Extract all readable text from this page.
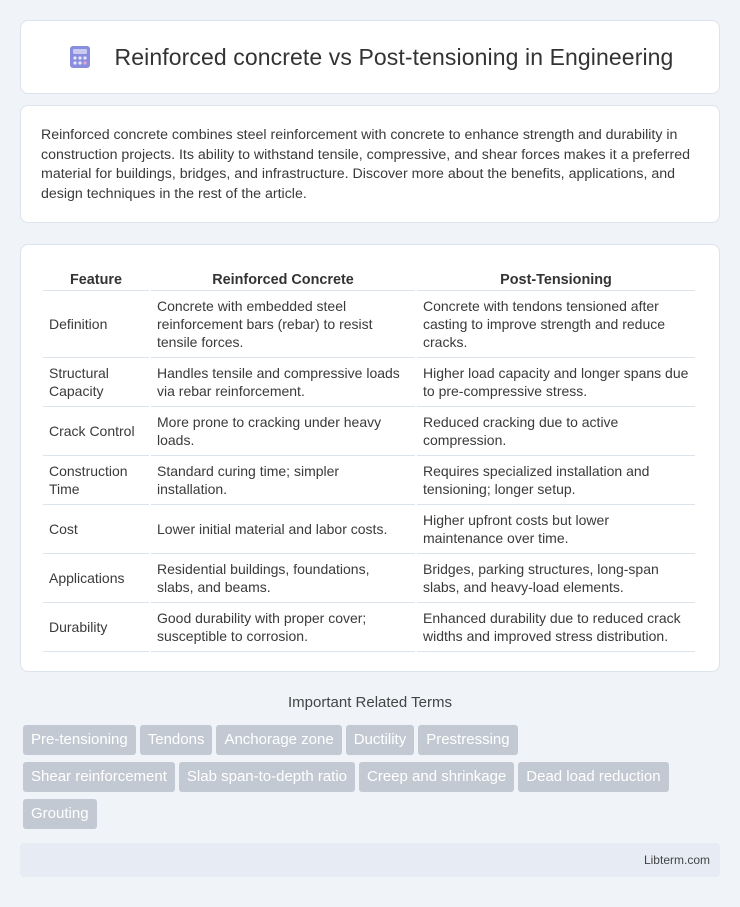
Reinforced concrete vs Post-tensioning in Engineering

Reinforced concrete combines steel reinforcement with concrete to enhance strength and durability in construction projects. Its ability to withstand tensile, compressive, and shear forces makes it a preferred material for buildings, bridges, and infrastructure. Discover more about the benefits, applications, and design techniques in the rest of the article.

Feature	Reinforced Concrete	Post-Tensioning
Definition	Concrete with embedded steel reinforcement bars (rebar) to resist tensile forces.	Concrete with tendons tensioned after casting to improve strength and reduce cracks.
Structural Capacity	Handles tensile and compressive loads via rebar reinforcement.	Higher load capacity and longer spans due to pre-compressive stress.
Crack Control	More prone to cracking under heavy loads.	Reduced cracking due to active compression.
Construction Time	Standard curing time; simpler installation.	Requires specialized installation and tensioning; longer setup.
Cost	Lower initial material and labor costs.	Higher upfront costs but lower maintenance over time.
Applications	Residential buildings, foundations, slabs, and beams.	Bridges, parking structures, long-span slabs, and heavy-load elements.
Durability	Good durability with proper cover; susceptible to corrosion.	Enhanced durability due to reduced crack widths and improved stress distribution.
Important Related Terms
Pre-tensioning Tendons Anchorage zone Ductility Prestressing
Shear reinforcement Slab span-to-depth ratio Creep and shrinkage Dead load reduction
Grouting
Libterm.com
